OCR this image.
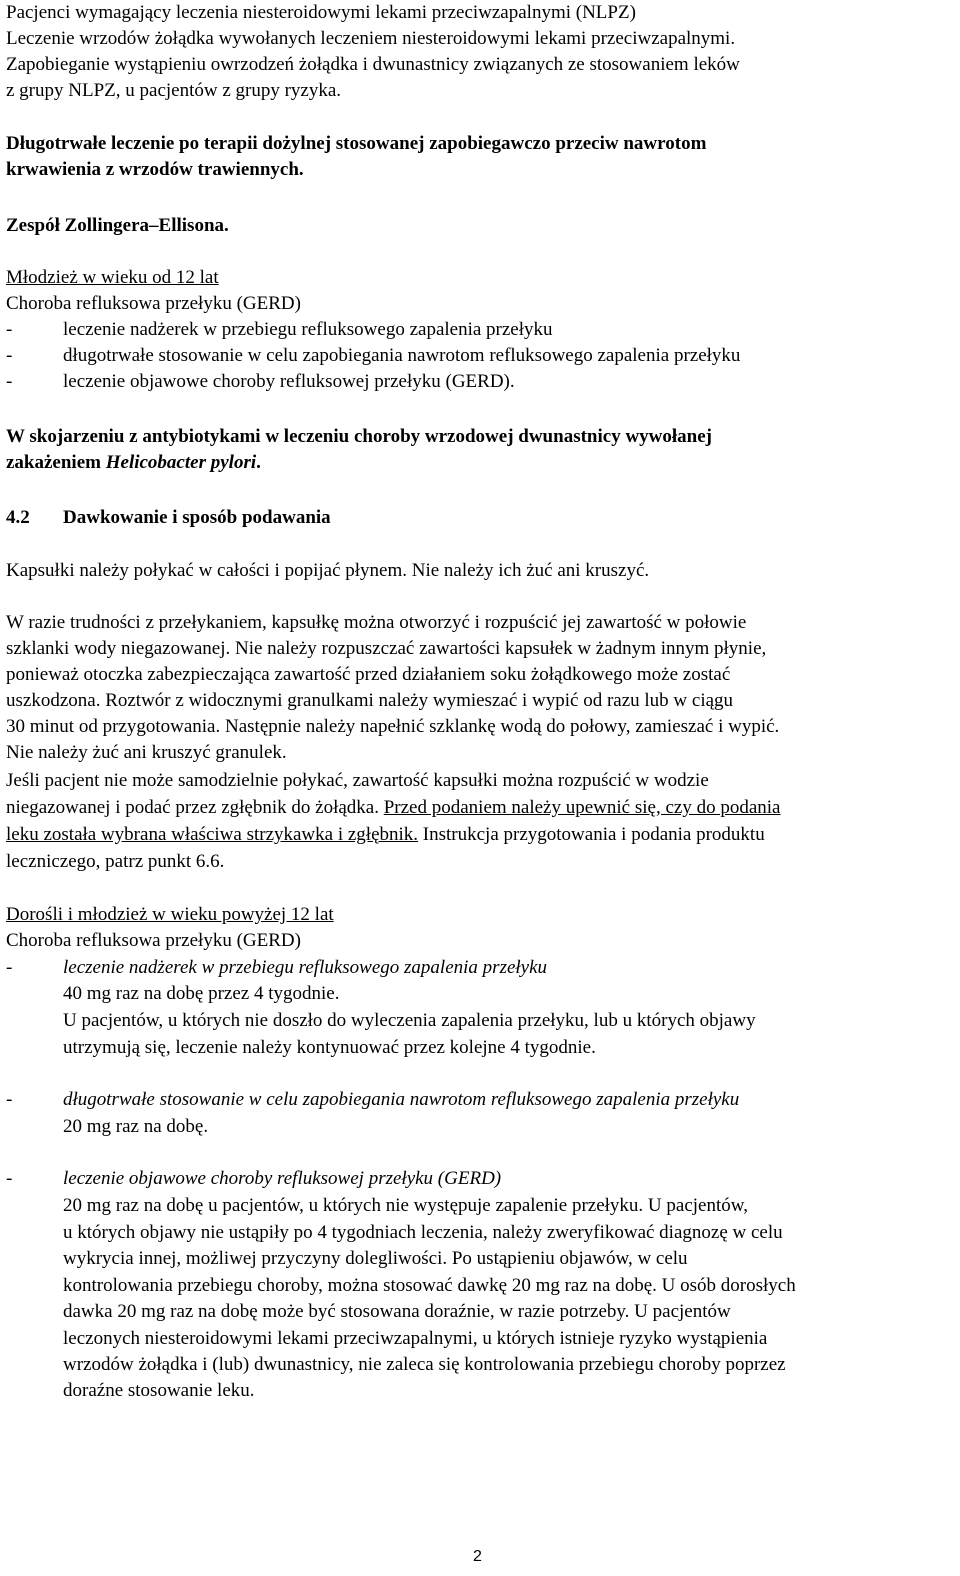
Pacjenci wymagający leczenia niesteroidowymi lekami przeciwzapalnymi (NLPZ)
Leczenie wrzodów żołądka wywołanych leczeniem niesteroidowymi lekami przeciwzapalnymi.
Zapobieganie wystąpieniu owrzodzeń żołądka i dwunastnicy związanych ze stosowaniem leków
z grupy NLPZ, u pacjentów z grupy ryzyka.
Długotrwałe leczenie po terapii dożylnej stosowanej zapobiegawczo przeciw nawrotom
krwawienia z wrzodów trawiennych.
Zespół Zollingera–Ellisona.
Młodzież w wieku od 12 lat
Choroba refluksowa przełyku (GERD)
-	leczenie nadżerek w przebiegu refluksowego zapalenia przełyku
-	długotrwałe stosowanie w celu zapobiegania nawrotom refluksowego zapalenia przełyku
-	leczenie objawowe choroby refluksowej przełyku (GERD).
W skojarzeniu z antybiotykami w leczeniu choroby wrzodowej dwunastnicy wywołanej
zakażeniem Helicobacter pylori.
4.2 Dawkowanie i sposób podawania
Kapsułki należy połykać w całości i popijać płynem. Nie należy ich żuć ani kruszyć.
W razie trudności z przełykaniem, kapsułkę można otworzyć i rozpuścić jej zawartość w połowie
szklanki wody niegazowanej. Nie należy rozpuszczać zawartości kapsułek w żadnym innym płynie,
ponieważ otoczka zabezpieczająca zawartość przed działaniem soku żołądkowego może zostać
uszkodzona. Roztwór z widocznymi granulkami należy wymieszać i wypić od razu lub w ciągu
30 minut od przygotowania. Następnie należy napełnić szklankę wodą do połowy, zamieszać i wypić.
Nie należy żuć ani kruszyć granulek.
Jeśli pacjent nie może samodzielnie połykać, zawartość kapsułki można rozpuścić w wodzie
niegazowanej i podać przez zgłębnik do żołądka. Przed podaniem należy upewnić się, czy do podania
leku została wybrana właściwa strzykawka i zgłębnik. Instrukcja przygotowania i podania produktu
leczniczego, patrz punkt 6.6.
Dorośli i młodzież w wieku powyżej 12 lat
Choroba refluksowa przełyku (GERD)
-	leczenie nadżerek w przebiegu refluksowego zapalenia przełyku
40 mg raz na dobę przez 4 tygodnie.
U pacjentów, u których nie doszło do wyleczenia zapalenia przełyku, lub u których objawy
utrzymują się, leczenie należy kontynuować przez kolejne 4 tygodnie.
-	długotrwałe stosowanie w celu zapobiegania nawrotom refluksowego zapalenia przełyku
20 mg raz na dobę.
-	leczenie objawowe choroby refluksowej przełyku (GERD)
20 mg raz na dobę u pacjentów, u których nie występuje zapalenie przełyku. U pacjentów,
u których objawy nie ustąpiły po 4 tygodniach leczenia, należy zweryfikować diagnozę w celu
wykrycia innej, możliwej przyczyny dolegliwości. Po ustąpieniu objawów, w celu
kontrolowania przebiegu choroby, można stosować dawkę 20 mg raz na dobę. U osób dorosłych
dawka 20 mg raz na dobę może być stosowana doraźnie, w razie potrzeby. U pacjentów
leczonych niesteroidowymi lekami przeciwzapalnymi, u których istnieje ryzyko wystąpienia
wrzodów żołądka i (lub) dwunastnicy, nie zaleca się kontrolowania przebiegu choroby poprzez
doraźne stosowanie leku.
2
